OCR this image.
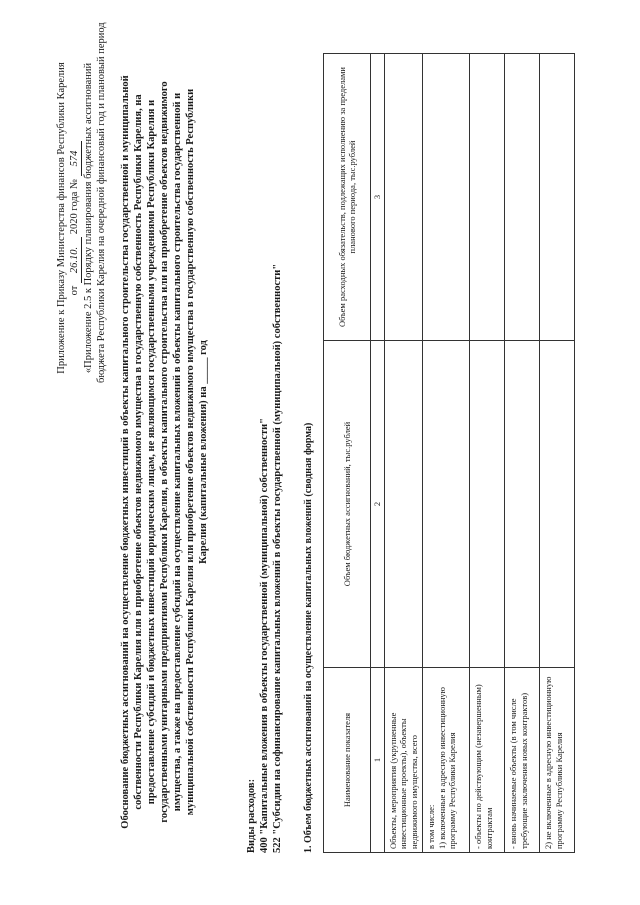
Приложение к Приказу Министерства финансов Республики Карелия от 26.10. 2020 года № 574 «Приложение 2.5 к Порядку планирования бюджетных ассигнований бюджета Республики Карелия на очередной финансовый год и плановый период Обоснование бюджетных ассигнований на осуществление бюджетных инвестиций в объекты капитального строительства государственной и муниципальной собственности Республики Карелия или в приобретение объектов недвижимого имущества в государственную собственность Республики Карелия, на предоставление субсидий и бюджетных инвестиций юридическим лицам, не являющимся государственными учреждениями Республики Карелия и государственными унитарными предприятиями Республики Карелия, в объекты капитального строительства или на приобретение объектов недвижимого имущества, а также на предоставление субсидий на осуществление капитальных вложений в объекты капитального строительства государственной и муниципальной собственности Республики Карелия или приобретение объектов недвижимого имущества в государственную собственность Республики Карелия (капитальные вложения) на _____ год
Виды расходов: 400 "Капитальные вложения в объекты государственной (муниципальной) собственности" 522 "Субсидии на софинансирование капитальных вложений в объекты государственной (муниципальной) собственности" 1. Объем бюджетных ассигнований на осуществление капитальных вложений (сводная форма)	Наименование показателя	Объем бюджетных ассигнований, тыс.рублей	Объем расходных обязательств, подлежащих исполнению за пределами планового периода, тыс.рублей
1	2	3
Объекты, мероприятия (укрупненные инвестиционные проекты), объекты недвижимого имущества, всего		
в том числе:
1) включенные в адресную инвестиционную программу Республики Карелия		
- объекты по действующим (незавершенным) контрактам		
- вновь начинаемые объекты (в том числе требующие заключения новых контрактов)		
2) не включенные в адресную инвестиционную программу Республики Карелия		
